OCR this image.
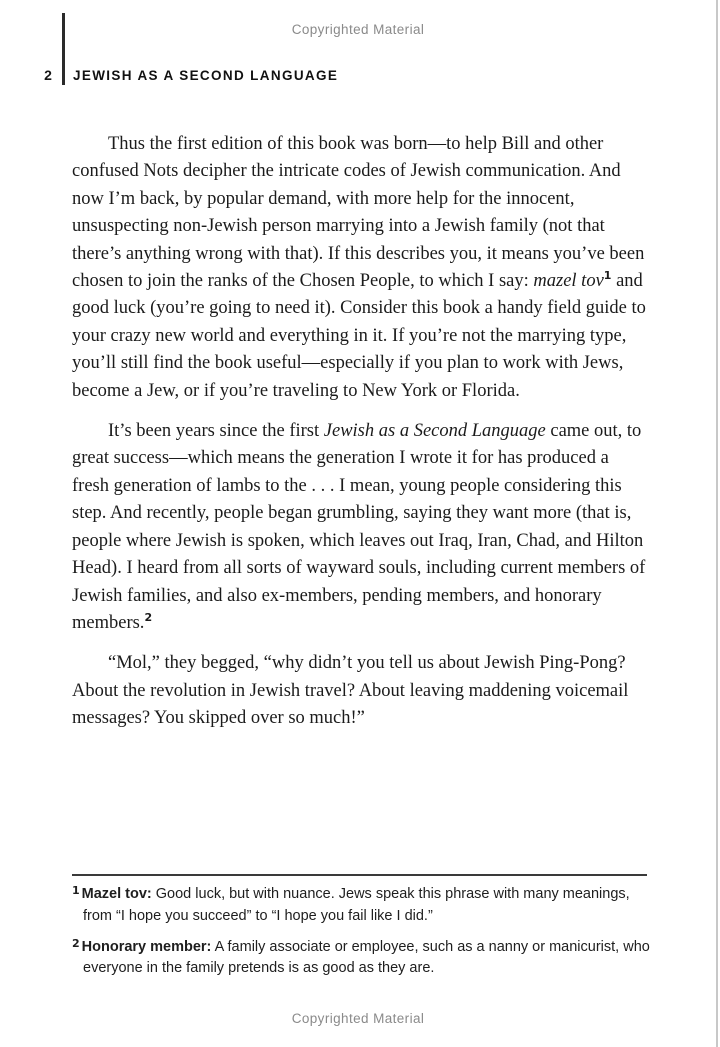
Copyrighted Material
2	JEWISH AS A SECOND LANGUAGE

Thus the first edition of this book was born—to help Bill and other confused Nots decipher the intricate codes of Jewish communication. And now I’m back, by popular demand, with more help for the innocent, unsuspecting non-Jewish person marrying into a Jewish family (not that there’s anything wrong with that). If this describes you, it means you’ve been chosen to join the ranks of the Chosen People, to which I say: mazel tov$^1$ and good luck (you’re going to need it). Consider this book a handy field guide to your crazy new world and everything in it. If you’re not the marrying type, you’ll still find the book useful—especially if you plan to work with Jews, become a Jew, or if you’re traveling to New York or Florida.

It’s been years since the first Jewish as a Second Language came out, to great success—which means the generation I wrote it for has produced a fresh generation of lambs to the . . . I mean, young people considering this step. And recently, people began grumbling, saying they want more (that is, people where Jewish is spoken, which leaves out Iraq, Iran, Chad, and Hilton Head). I heard from all sorts of wayward souls, including current members of Jewish families, and also ex-members, pending members, and honorary members.$^2$

“Mol,” they begged, “why didn’t you tell us about Jewish Ping-Pong? About the revolution in Jewish travel? About leaving maddening voicemail messages? You skipped over so much!”

$^1$ Mazel tov: Good luck, but with nuance. Jews speak this phrase with many meanings, from “I hope you succeed” to “I hope you fail like I did.”
$^2$ Honorary member: A family associate or employee, such as a nanny or manicurist, who everyone in the family pretends is as good as they are.
Copyrighted Material
